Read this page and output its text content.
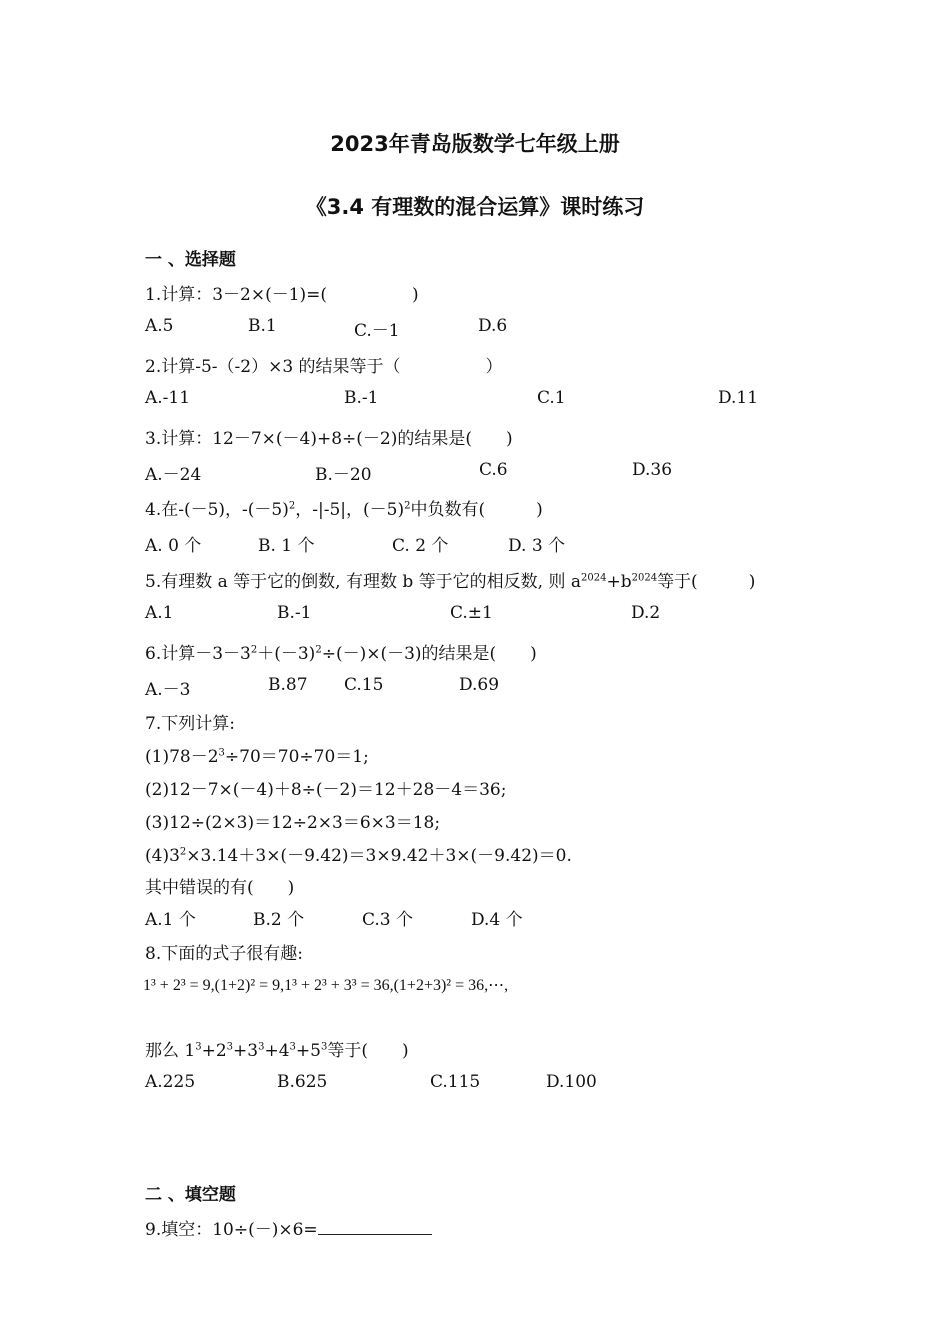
2023年青岛版数学七年级上册
《3.4 有理数的混合运算》课时练习
一 、选择题
1.计算：3－2×(－1)=(　　　　　)
A.5	B.1	C.－1	D.6
2.计算-5-（-2）×3 的结果等于（　　　　　）
A.-11	B.-1	C.1	D.11
3.计算：12－7×(－4)+8÷(－2)的结果是(　　)
A.－24	B.－20	C.6	D.36
4.在-(－5)，$-(-5)^2$，-|-5|，$(-5)^2$中负数有(　　　)
A. 0 个	B. 1 个	C. 2 个	D. 3 个
5.有理数 a 等于它的倒数, 有理数 b 等于它的相反数, 则 $a^{2024}+b^{2024}$等于(　　　)
A.1	B.-1	C.±1	D.2
6.计算$-3-3^2+(-3)^2\div(-)\times(-3)$的结果是(　　)
A.－3	B.87 C.15	D.69
7.下列计算:
$(1)78-2^3\div 70=70\div 70=1$;
(2)12－7×(－4)＋8÷(－2)＝12＋28－4＝36;
(3)12÷(2×3)＝12÷2×3＝6×3＝18;
$(4)3^2\times 3.14+3\times(-9.42)=3\times 9.42+3\times(-9.42)=0$.
其中错误的有(　　)
A.1 个	B.2 个	C.3 个	D.4 个
8.下面的式子很有趣:
1³ + 2³ = 9,(1+2)² = 9,1³ + 2³ + 3³ = 36,(1+2+3)² = 36,⋯,
那么 $1^3+2^3+3^3+4^3+5^3$等于(　　)
A.225	B.625	C.115	D.100
二 、填空题
9.填空：10÷(－)×6=
